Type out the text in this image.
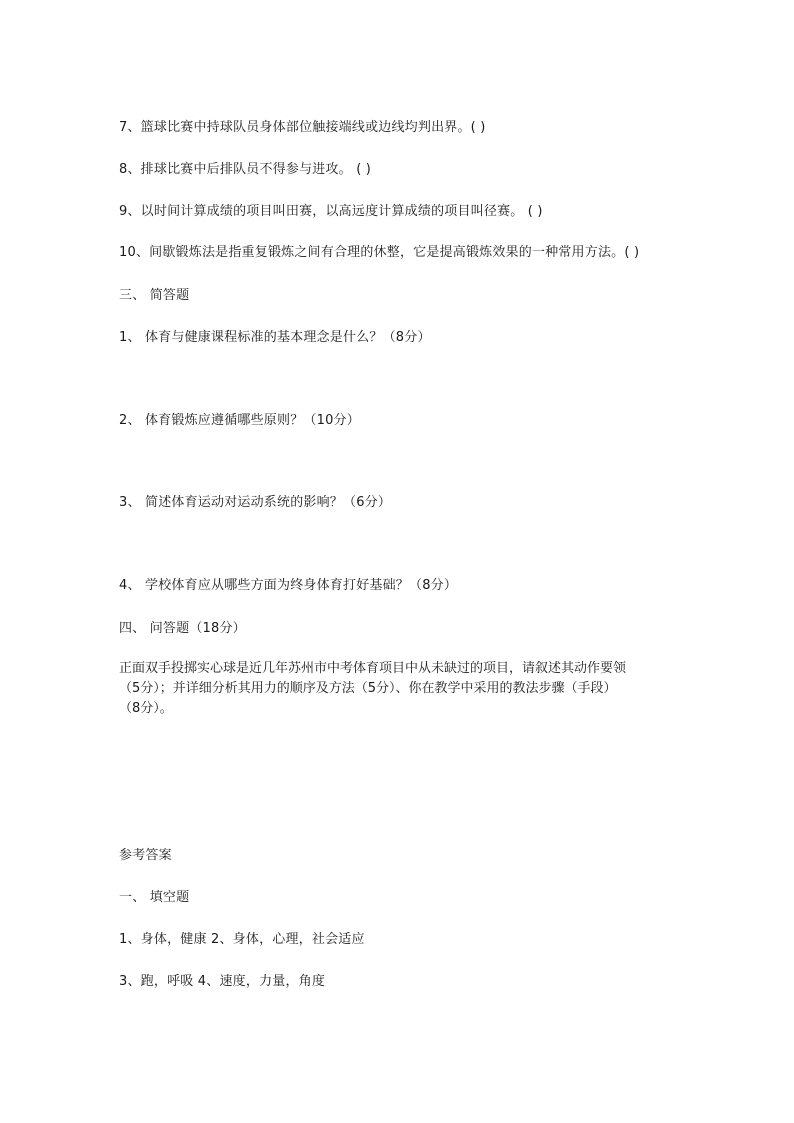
7、篮球比赛中持球队员身体部位触接端线或边线均判出界。( )
8、排球比赛中后排队员不得参与进攻。 ( )
9、以时间计算成绩的项目叫田赛，以高远度计算成绩的项目叫径赛。 ( )
10、间歇锻炼法是指重复锻炼之间有合理的休整，它是提高锻炼效果的一种常用方法。( )
三、 简答题
1、 体育与健康课程标准的基本理念是什么？（8分）
2、 体育锻炼应遵循哪些原则？（10分）
3、 简述体育运动对运动系统的影响？（6分）
4、 学校体育应从哪些方面为终身体育打好基础？（8分）
四、 问答题（18分）
正面双手投掷实心球是近几年苏州市中考体育项目中从未缺过的项目，请叙述其动作要领
（5分）；并详细分析其用力的顺序及方法（5分）、你在教学中采用的教法步骤（手段）
（8分）。
参考答案
一、 填空题
1、身体，健康 2、身体，心理，社会适应
3、跑，呼吸 4、速度，力量，角度
